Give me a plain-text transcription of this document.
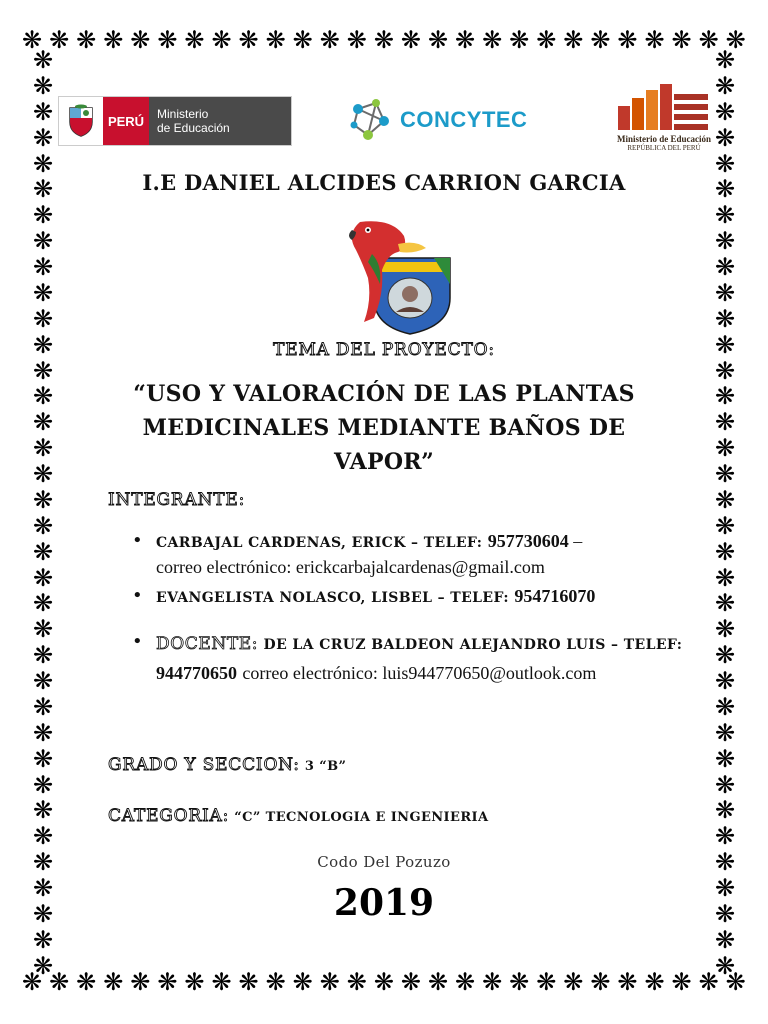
❋ ❋ ❋ ❋ ❋ ❋ ❋ ❋ ❋ ❋ ❋ ❋ ❋ ❋ ❋ ❋ ❋ ❋ ❋ ❋ ❋ ❋ ❋ ❋ ❋ ❋ ❋
❋ ❋ ❋ ❋ ❋ ❋ ❋ ❋ ❋ ❋ ❋ ❋ ❋ ❋ ❋ ❋ ❋ ❋ ❋ ❋ ❋ ❋ ❋ ❋ ❋ ❋ ❋
❋
❋
❋
❋
❋
❋
❋
❋
❋
❋
❋
❋
❋
❋
❋
❋
❋
❋
❋
❋
❋
❋
❋
❋
❋
❋
❋
❋
❋
❋
❋
❋
❋
❋
❋
❋
❋
❋
❋
❋
❋
❋
❋
❋
❋
❋
❋
❋
❋
❋
❋
❋
❋
❋
❋
❋
❋
❋
❋
❋
❋
❋
❋
❋
❋
❋
❋
❋
❋
❋
❋
❋
PERÚ	Ministerio
de Educación	CONCYTEC
Ministerio de Educación
REPÚBLICA DEL PERÚ
I.E DANIEL ALCIDES CARRION GARCIA
TEMA DEL PROYECTO:
“USO Y VALORACIÓN DE LAS PLANTAS MEDICINALES MEDIANTE BAÑOS DE VAPOR”
INTEGRANTE:
• CARBAJAL CARDENAS, ERICK – TELEF: 957730604 –
correo electrónico: erickcarbajalcardenas@gmail.com
• EVANGELISTA NOLASCO, LISBEL – TELEF: 954716070
• DOCENTE: DE LA CRUZ BALDEON ALEJANDRO LUIS – TELEF: 944770650 correo electrónico: luis944770650@outlook.com
GRADO Y SECCION: 3 “B”
CATEGORIA: “C” TECNOLOGIA E INGENIERIA
Codo Del Pozuzo
2019
